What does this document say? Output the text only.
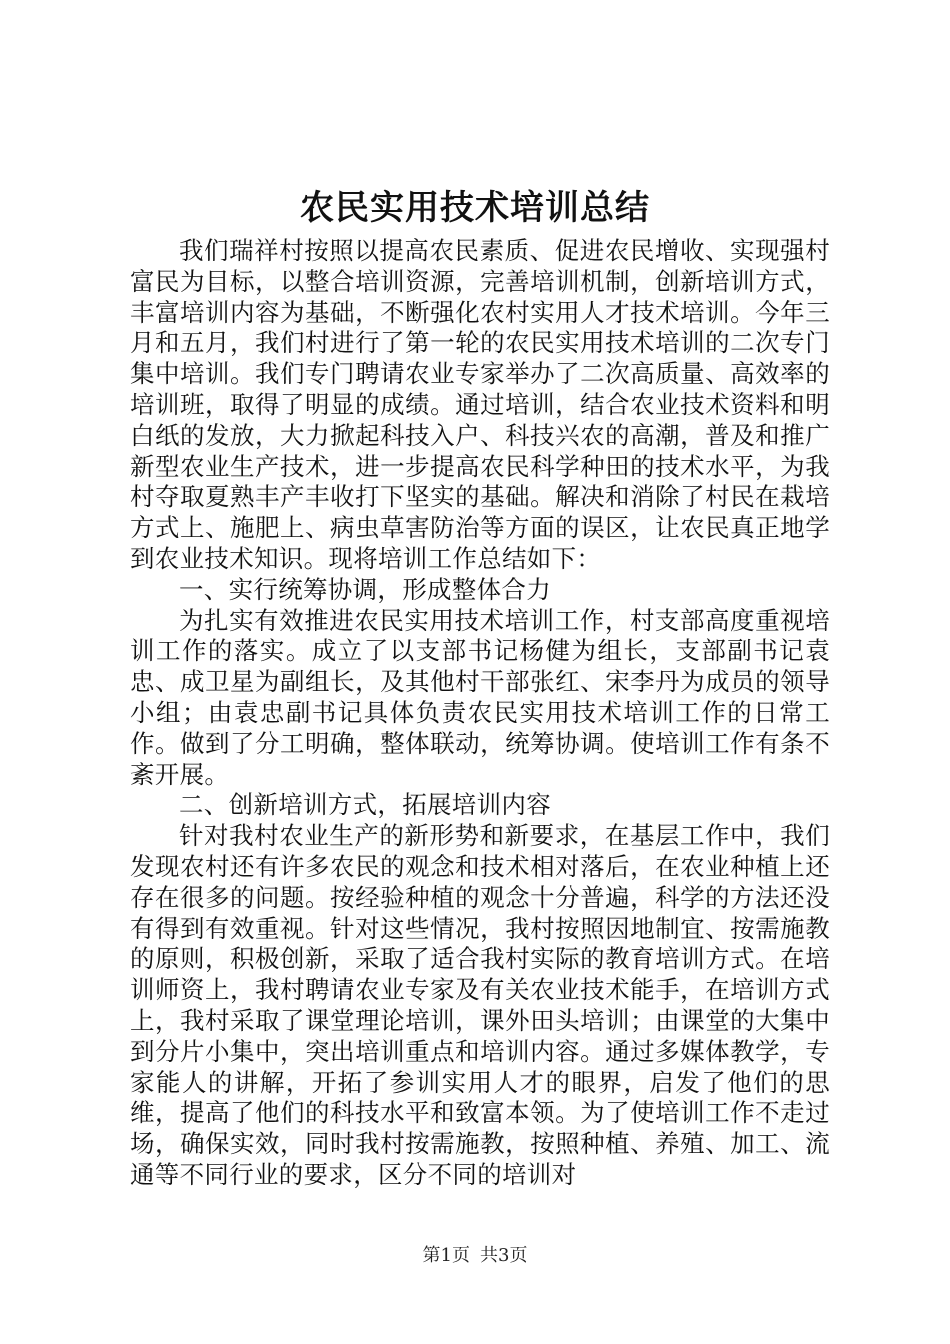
农民实用技术培训总结

我们瑞祥村按照以提高农民素质、促进农民增收、实现强村富民为目标，以整合培训资源，完善培训机制，创新培训方式，丰富培训内容为基础，不断强化农村实用人才技术培训。今年三月和五月，我们村进行了第一轮的农民实用技术培训的二次专门集中培训。我们专门聘请农业专家举办了二次高质量、高效率的培训班，取得了明显的成绩。通过培训，结合农业技术资料和明白纸的发放，大力掀起科技入户、科技兴农的高潮，普及和推广新型农业生产技术，进一步提高农民科学种田的技术水平，为我村夺取夏熟丰产丰收打下坚实的基础。解决和消除了村民在栽培方式上、施肥上、病虫草害防治等方面的误区，让农民真正地学到农业技术知识。现将培训工作总结如下：

一、实行统筹协调，形成整体合力

为扎实有效推进农民实用技术培训工作，村支部高度重视培训工作的落实。成立了以支部书记杨健为组长，支部副书记袁忠、成卫星为副组长，及其他村干部张红、宋李丹为成员的领导小组；由袁忠副书记具体负责农民实用技术培训工作的日常工作。做到了分工明确，整体联动，统筹协调。使培训工作有条不紊开展。

二、创新培训方式，拓展培训内容

针对我村农业生产的新形势和新要求，在基层工作中，我们发现农村还有许多农民的观念和技术相对落后，在农业种植上还存在很多的问题。按经验种植的观念十分普遍，科学的方法还没有得到有效重视。针对这些情况，我村按照因地制宜、按需施教的原则，积极创新，采取了适合我村实际的教育培训方式。在培训师资上，我村聘请农业专家及有关农业技术能手，在培训方式上，我村采取了课堂理论培训，课外田头培训；由课堂的大集中到分片小集中，突出培训重点和培训内容。通过多媒体教学，专家能人的讲解，开拓了参训实用人才的眼界，启发了他们的思维，提高了他们的科技水平和致富本领。为了使培训工作不走过场，确保实效，同时我村按需施教，按照种植、养殖、加工、流通等不同行业的要求，区分不同的培训对

第1页 共3页
